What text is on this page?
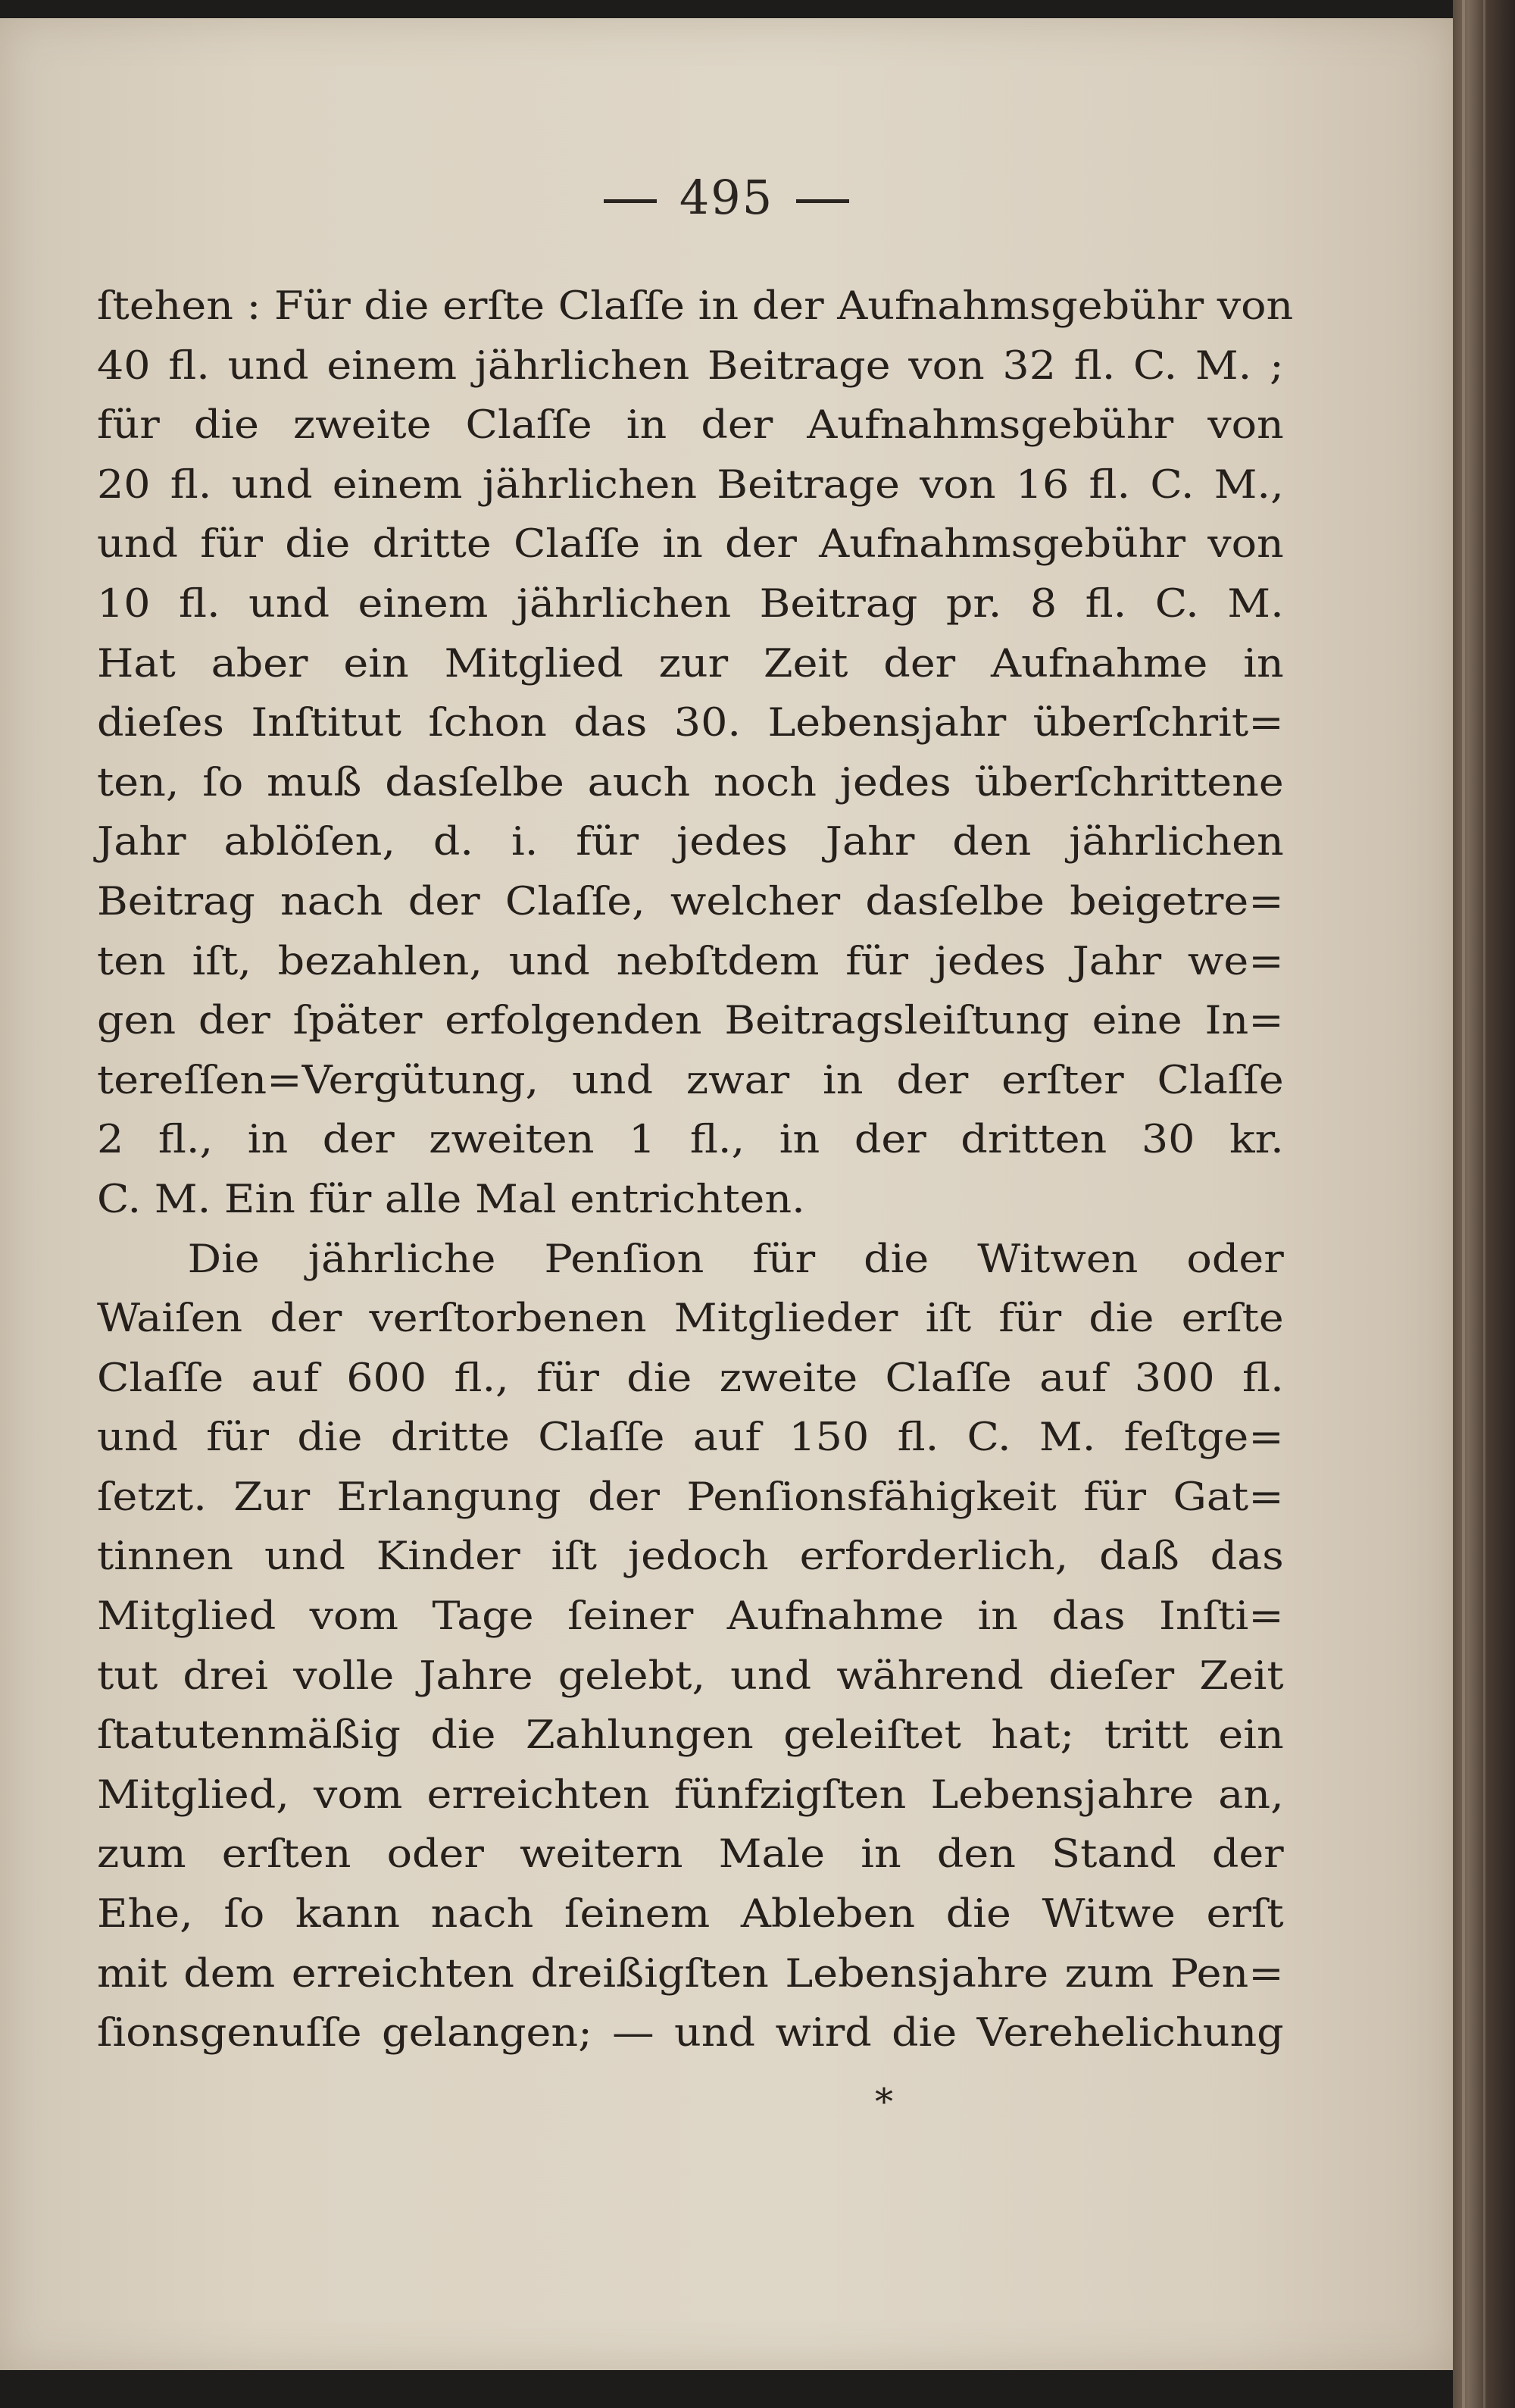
495
ſtehen : Für die erſte Claſſe in der Aufnahmsgebühr von
40 fl. und einem jährlichen Beitrage von 32 fl. C. M. ;
für die zweite Claſſe in der Aufnahmsgebühr von
20 fl. und einem jährlichen Beitrage von 16 fl. C. M.,
und für die dritte Claſſe in der Aufnahmsgebühr von
10 fl. und einem jährlichen Beitrag pr. 8 fl. C. M.
Hat aber ein Mitglied zur Zeit der Aufnahme in
dieſes Inſtitut ſchon das 30. Lebensjahr überſchrit=
ten, ſo muß dasſelbe auch noch jedes überſchrittene
Jahr ablöſen, d. i. für jedes Jahr den jährlichen
Beitrag nach der Claſſe, welcher dasſelbe beigetre=
ten iſt, bezahlen, und nebſtdem für jedes Jahr we=
gen der ſpäter erfolgenden Beitragsleiſtung eine In=
tereſſen=Vergütung, und zwar in der erſter Claſſe
2 fl., in der zweiten 1 fl., in der dritten 30 kr.
C. M. Ein für alle Mal entrichten.
Die jährliche Penſion für die Witwen oder
Waiſen der verſtorbenen Mitglieder iſt für die erſte
Claſſe auf 600 fl., für die zweite Claſſe auf 300 fl.
und für die dritte Claſſe auf 150 fl. C. M. feſtge=
ſetzt. Zur Erlangung der Penſionsfähigkeit für Gat=
tinnen und Kinder iſt jedoch erforderlich, daß das
Mitglied vom Tage ſeiner Aufnahme in das Inſti=
tut drei volle Jahre gelebt, und während dieſer Zeit
ſtatutenmäßig die Zahlungen geleiſtet hat; tritt ein
Mitglied, vom erreichten fünfzigſten Lebensjahre an,
zum erſten oder weitern Male in den Stand der
Ehe, ſo kann nach ſeinem Ableben die Witwe erſt
mit dem erreichten dreißigſten Lebensjahre zum Pen=
ſionsgenuſſe gelangen; — und wird die Verehelichung
*
